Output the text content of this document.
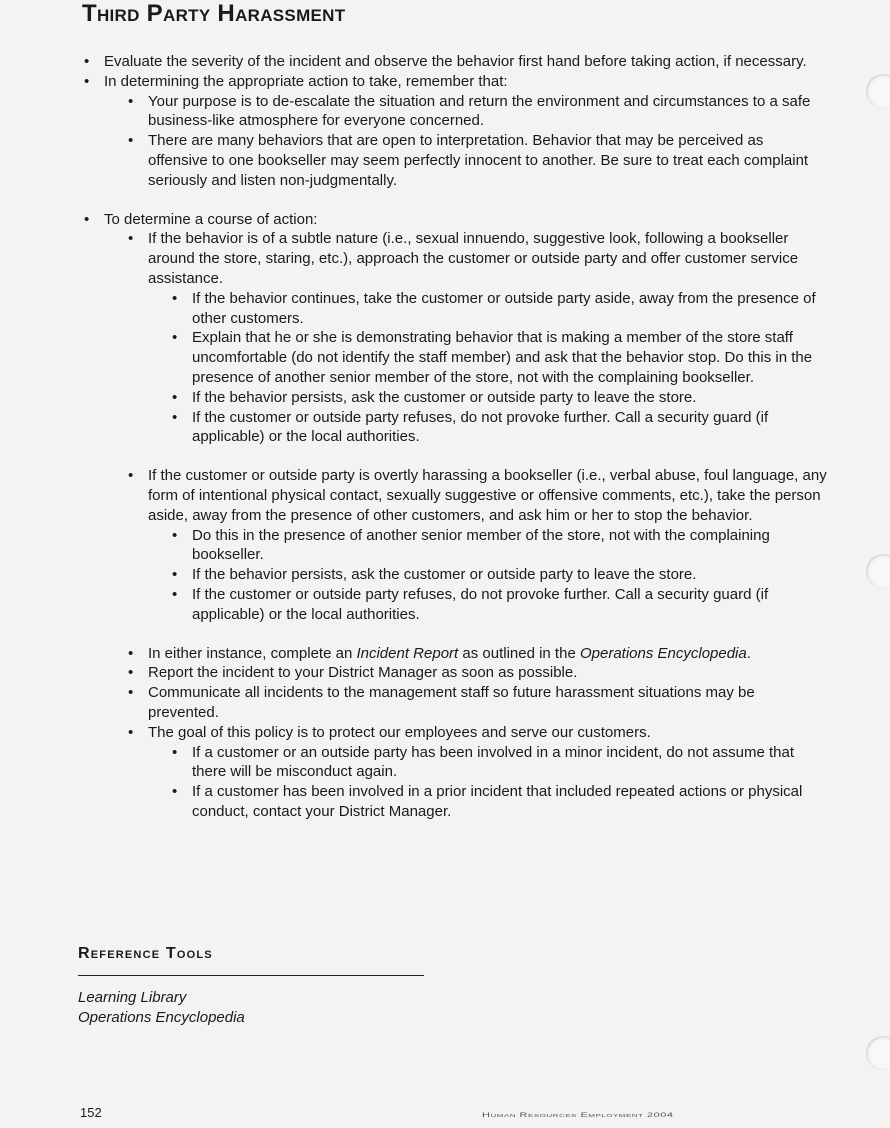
Third Party Harassment
• Evaluate the severity of the incident and observe the behavior first hand before taking action, if necessary.
• In determining the appropriate action to take, remember that:
• Your purpose is to de-escalate the situation and return the environment and circumstances to a safe business-like atmosphere for everyone concerned.
• There are many behaviors that are open to interpretation. Behavior that may be perceived as offensive to one bookseller may seem perfectly innocent to another. Be sure to treat each complaint seriously and listen non-judgmentally.
• To determine a course of action:
• If the behavior is of a subtle nature (i.e., sexual innuendo, suggestive look, following a bookseller around the store, staring, etc.), approach the customer or outside party and offer customer service assistance.
• If the behavior continues, take the customer or outside party aside, away from the presence of other customers.
• Explain that he or she is demonstrating behavior that is making a member of the store staff uncomfortable (do not identify the staff member) and ask that the behavior stop. Do this in the presence of another senior member of the store, not with the complaining bookseller.
• If the behavior persists, ask the customer or outside party to leave the store.
• If the customer or outside party refuses, do not provoke further. Call a security guard (if applicable) or the local authorities.
• If the customer or outside party is overtly harassing a bookseller (i.e., verbal abuse, foul language, any form of intentional physical contact, sexually suggestive or offensive comments, etc.), take the person aside, away from the presence of other customers, and ask him or her to stop the behavior.
• Do this in the presence of another senior member of the store, not with the complaining bookseller.
• If the behavior persists, ask the customer or outside party to leave the store.
• If the customer or outside party refuses, do not provoke further. Call a security guard (if applicable) or the local authorities.
• In either instance, complete an Incident Report as outlined in the Operations Encyclopedia.
• Report the incident to your District Manager as soon as possible.
• Communicate all incidents to the management staff so future harassment situations may be prevented.
• The goal of this policy is to protect our employees and serve our customers.
• If a customer or an outside party has been involved in a minor incident, do not assume that there will be misconduct again.
• If a customer has been involved in a prior incident that included repeated actions or physical conduct, contact your District Manager.
Reference Tools
Learning Library
Operations Encyclopedia
152	Human Resources Employment 2004
